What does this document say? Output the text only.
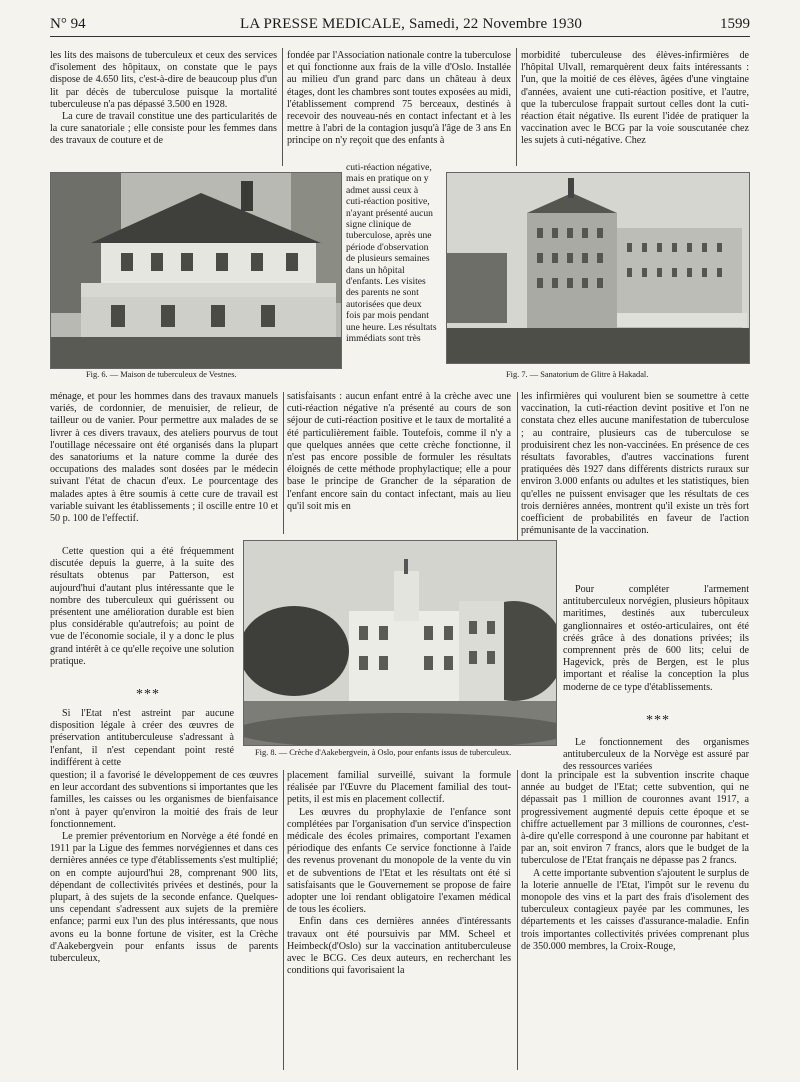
N° 94	LA PRESSE MEDICALE, Samedi, 22 Novembre 1930	1599

les lits des maisons de tuberculeux et ceux des services d'isolement des hôpitaux, on constate que le pays dispose de 4.650 lits, c'est-à-dire de beaucoup plus d'un lit par décès de tuberculose puisque la mortalité tuberculeuse n'a pas dépassé 3.500 en 1928.

La cure de travail constitue une des particularités de la cure sanatoriale ; elle consiste pour les femmes dans des travaux de couture et de

fondée par l'Association nationale contre la tuberculose et qui fonctionne aux frais de la ville d'Oslo. Installée au milieu d'un grand parc dans un château à deux étages, dont les chambres sont toutes exposées au midi, l'établissement comprend 75 berceaux, destinés à recevoir des nouveau-nés en contact infectant et à les mettre à l'abri de la contagion jusqu'à l'âge de 3 ans En principe on n'y reçoit que des enfants à

morbidité tuberculeuse des élèves-infirmières de l'hôpital Ulvall, remarquèrent deux faits intéressants : l'un, que la moitié de ces élèves, âgées d'une vingtaine d'années, avaient une cuti-réaction positive, et l'autre, que la tuberculose frappait surtout celles dont la cuti-réaction était négative. Ils eurent l'idée de pratiquer la vaccination avec le BCG par la voie souscutanée chez les sujets à cuti-négative. Chez

Fig. 6. — Maison de tuberculeux de Vestnes.

cuti-réaction négative, mais en pratique on y admet aussi ceux à cuti-réaction positive, n'ayant présenté aucun signe clinique de tuberculose, après une période d'observation de plusieurs semaines dans un hôpital d'enfants. Les visites des parents ne sont autorisées que deux fois par mois pendant une heure. Les résultats immédiats sont très

Fig. 7. — Sanatorium de Glitre à Hakadal.

ménage, et pour les hommes dans des travaux manuels variés, de cordonnier, de menuisier, de relieur, de tailleur ou de vanier. Pour permettre aux malades de se livrer à ces divers travaux, des ateliers pourvus de tout l'outillage nécessaire ont été organisés dans la plupart des sanatoriums et la nature comme la durée des occupations des malades sont dosées par le médecin suivant l'état de chacun d'eux. Le pourcentage des malades aptes à être soumis à cette cure de travail est variable suivant les établissements ; il oscille entre 10 et 50 p. 100 de l'effectif.

Cette question qui a été fréquemment discutée depuis la guerre, à la suite des résultats obtenus par Patterson, est aujourd'hui d'autant plus intéressante que le nombre des tuberculeux qui guérissent ou présentent une amélioration durable est bien plus considérable qu'autrefois; au point de vue de l'économie sociale, il y a donc le plus grand intérêt à ce qu'elle reçoive une solution pratique.

***

Si l'Etat n'est astreint par aucune disposition légale à créer des œuvres de préservation antituberculeuse s'adressant à l'enfant, il n'est cependant point resté indifférent à cette

satisfaisants : aucun enfant entré à la crèche avec une cuti-réaction négative n'a présenté au cours de son séjour de cuti-réaction positive et le taux de mortalité a été particulièrement faible. Toutefois, comme il n'y a que quelques années que cette crèche fonctionne, il n'est pas encore possible de formuler les résultats éloignés de cette méthode prophylactique; elle a pour base le principe de Grancher de la séparation de l'enfant encore sain du contact infectant, mais au lieu qu'il soit mis en

les infirmières qui voulurent bien se soumettre à cette vaccination, la cuti-réaction devint positive et l'on ne constata chez elles aucune manifestation de tuberculose ; au contraire, plusieurs cas de tuberculose se produisirent chez les non-vaccinées. En présence de ces résultats favorables, d'autres vaccinations furent pratiquées dès 1927 dans différents districts ruraux sur environ 3.000 enfants ou adultes et les statistiques, bien qu'elles ne puissent envisager que les résultats de ces trois dernières années, montrent qu'il existe un très fort coefficient de probabilités en faveur de l'action prémunisante de la vaccination.

Pour compléter l'armement antituberculeux norvégien, plusieurs hôpitaux maritimes, destinés aux tuberculeux ganglionnaires et ostéo-articulaires, ont été créés grâce à des donations privées; ils comprennent près de 600 lits; celui de Hagevick, près de Bergen, est le plus important et réalise la conception la plus moderne de ce type d'établissements.

***

Le fonctionnement des organismes antituberculeux de la Norvège est assuré par des ressources variées

Fig. 8. — Crèche d'Aakebergvein, à Oslo, pour enfants issus de tuberculeux.

question; il a favorisé le développement de ces œuvres en leur accordant des subventions si importantes que les familles, les caisses ou les organismes de bienfaisance n'ont à payer qu'environ la moitié des frais de leur fonctionnement.

Le premier préventorium en Norvège a été fondé en 1911 par la Ligue des femmes norvégiennes et dans ces dernières années ce type d'établissements s'est multiplié; on en compte aujourd'hui 28, comprenant 900 lits, dépendant de collectivités privées et destinés, pour la plupart, à des sujets de la seconde enfance. Quelques-uns cependant s'adressent aux sujets de la première enfance; parmi eux l'un des plus intéressants, que nous avons eu la bonne fortune de visiter, est la Crèche d'Aakebergvein pour enfants issus de parents tuberculeux,

placement familial surveillé, suivant la formule réalisée par l'Œuvre du Placement familial des tout-petits, il est mis en placement collectif.

Les œuvres du prophylaxie de l'enfance sont complétées par l'organisation d'un service d'inspection médicale des écoles primaires, comportant l'examen périodique des enfants Ce service fonctionne à l'aide des revenus provenant du monopole de la vente du vin et de subventions de l'Etat et les résultats ont été si satisfaisants que le Gouvernement se propose de faire adopter une loi rendant obligatoire l'examen médical de tous les écoliers.

Enfin dans ces dernières années d'intéressants travaux ont été poursuivis par MM. Scheel et Heimbeck(d'Oslo) sur la vaccination antituberculeuse avec le BCG. Ces deux auteurs, en recherchant les conditions qui favorisaient la

dont la principale est la subvention inscrite chaque année au budget de l'Etat; cette subvention, qui ne dépassait pas 1 million de couronnes avant 1917, a progressivement augmenté depuis cette époque et se chiffre actuellement par 3 millions de couronnes, c'est-à-dire qu'elle correspond à une couronne par habitant et par an, soit environ 7 francs, alors que le budget de la tuberculose de l'Etat français ne dépasse pas 2 francs.

A cette importante subvention s'ajoutent le surplus de la loterie annuelle de l'Etat, l'impôt sur le revenu du monopole des vins et la part des frais d'isolement des tuberculeux contagieux payée par les communes, les départements et les caisses d'assurance-maladie. Enfin trois importantes collectivités privées comprenant plus de 350.000 membres, la Croix-Rouge,
